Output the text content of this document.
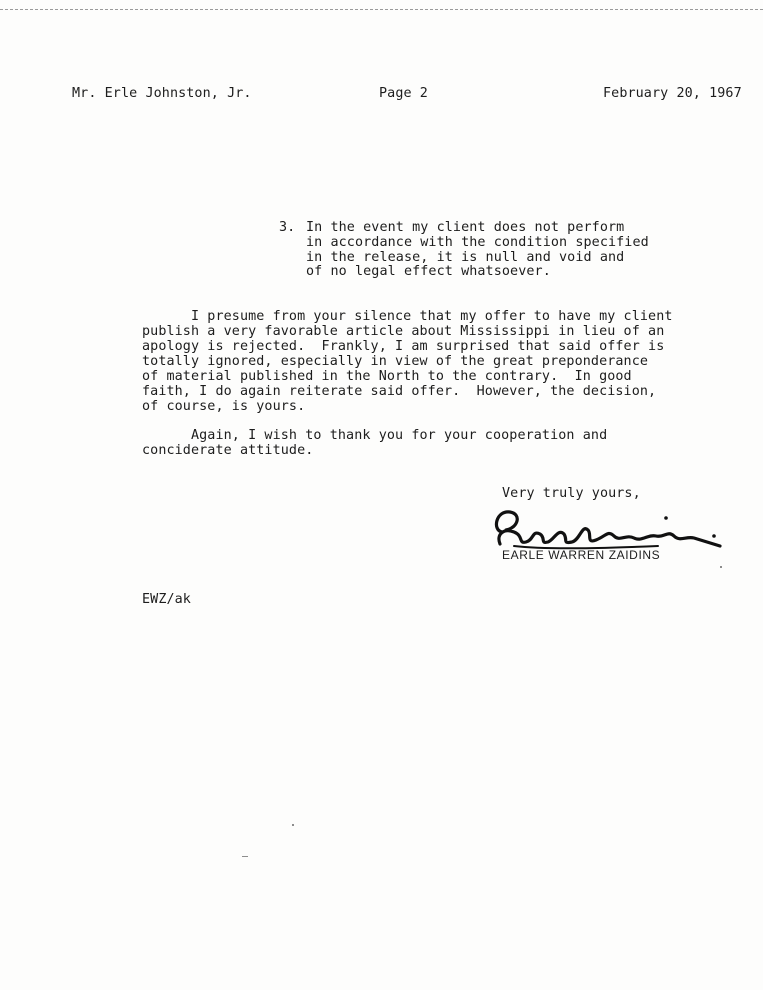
Mr. Erle Johnston, Jr.	Page 2	February 20, 1967
3. In the event my client does not perform
in accordance with the condition specified
in the release, it is null and void and
of no legal effect whatsoever.
I presume from your silence that my offer to have my client
publish a very favorable article about Mississippi in lieu of an
apology is rejected.  Frankly, I am surprised that said offer is
totally ignored, especially in view of the great preponderance
of material published in the North to the contrary.  In good
faith, I do again reiterate said offer.  However, the decision,
of course, is yours.
Again, I wish to thank you for your cooperation and
conciderate attitude.
Very truly yours,
EARLE WARREN ZAIDINS
EWZ/ak
